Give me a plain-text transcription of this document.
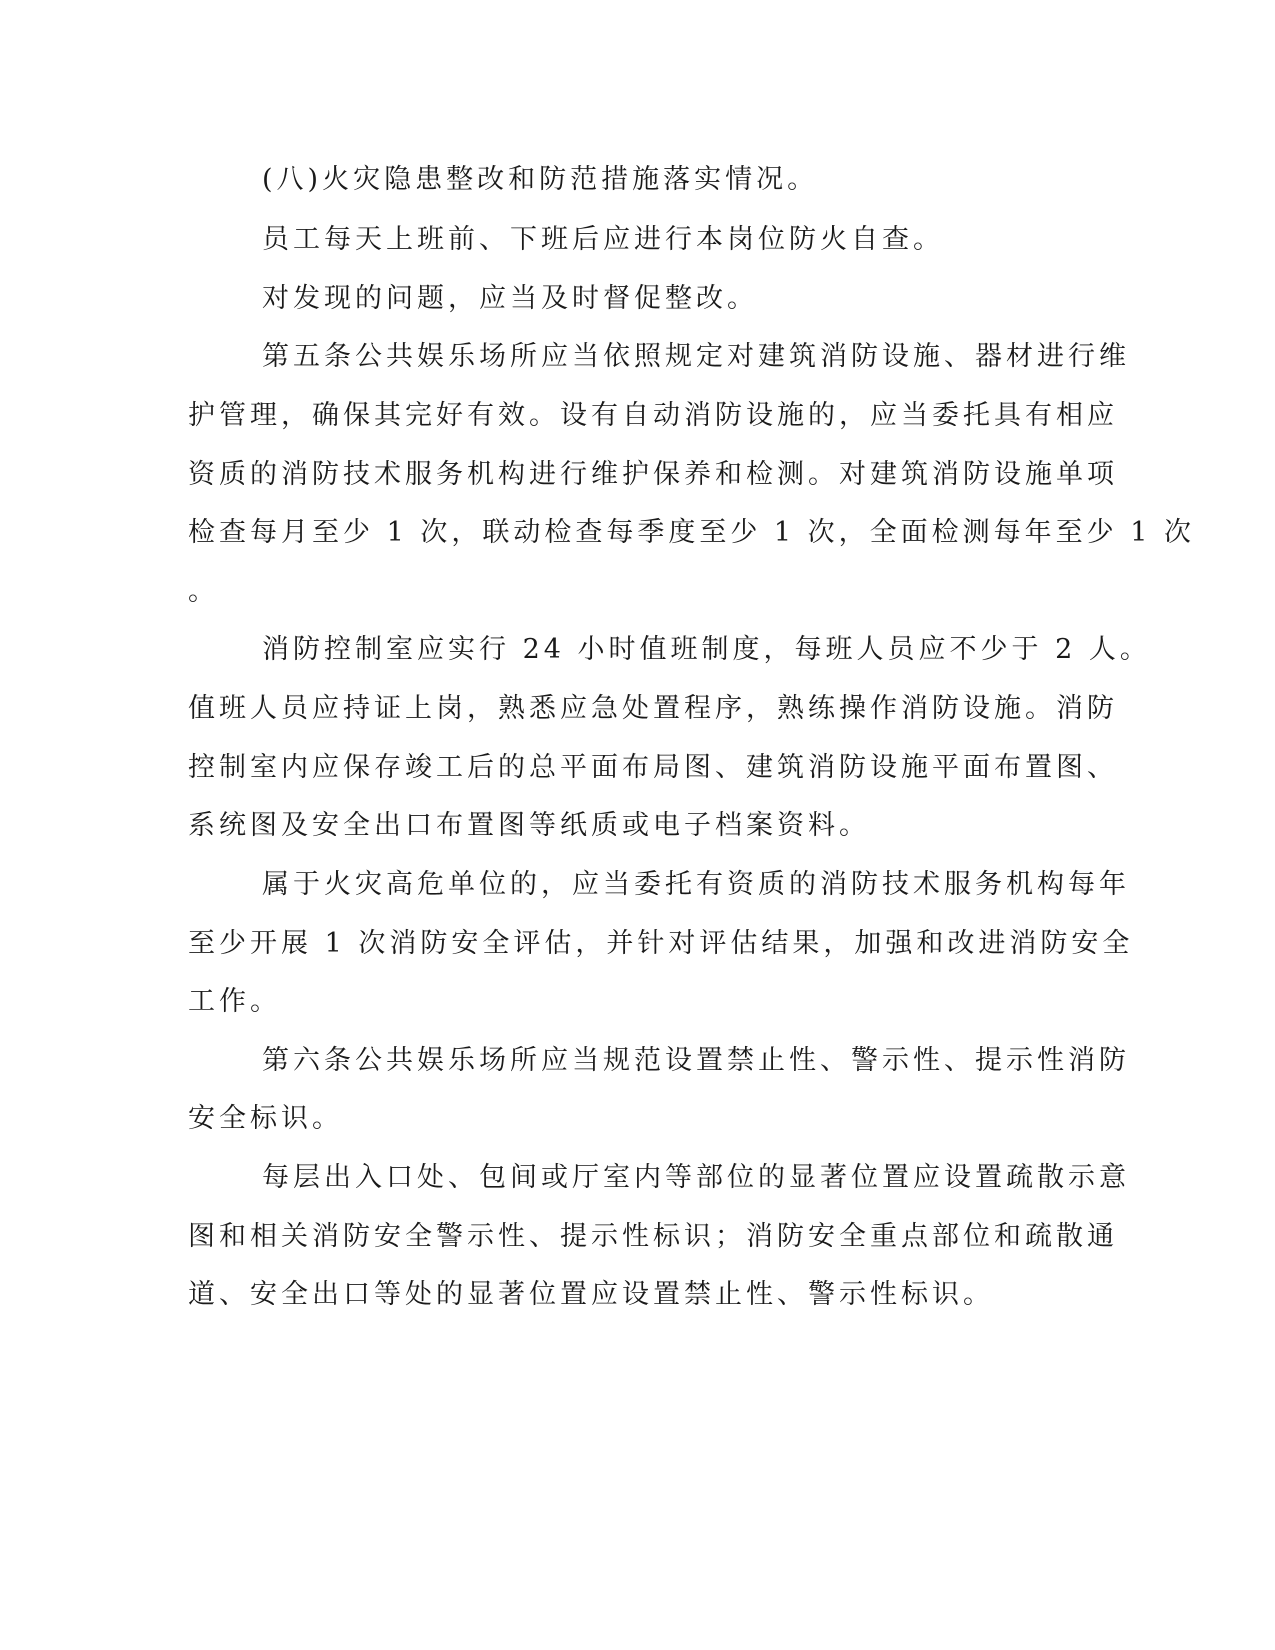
(八)火灾隐患整改和防范措施落实情况。
员工每天上班前、下班后应进行本岗位防火自查。
对发现的问题，应当及时督促整改。
第五条公共娱乐场所应当依照规定对建筑消防设施、器材进行维
护管理，确保其完好有效。设有自动消防设施的，应当委托具有相应
资质的消防技术服务机构进行维护保养和检测。对建筑消防设施单项
检查每月至少 1 次，联动检查每季度至少 1 次，全面检测每年至少 1 次
。
消防控制室应实行 24 小时值班制度，每班人员应不少于 2 人。
值班人员应持证上岗，熟悉应急处置程序，熟练操作消防设施。消防
控制室内应保存竣工后的总平面布局图、建筑消防设施平面布置图、
系统图及安全出口布置图等纸质或电子档案资料。
属于火灾高危单位的，应当委托有资质的消防技术服务机构每年
至少开展 1 次消防安全评估，并针对评估结果，加强和改进消防安全
工作。
第六条公共娱乐场所应当规范设置禁止性、警示性、提示性消防
安全标识。
每层出入口处、包间或厅室内等部位的显著位置应设置疏散示意
图和相关消防安全警示性、提示性标识；消防安全重点部位和疏散通
道、安全出口等处的显著位置应设置禁止性、警示性标识。
